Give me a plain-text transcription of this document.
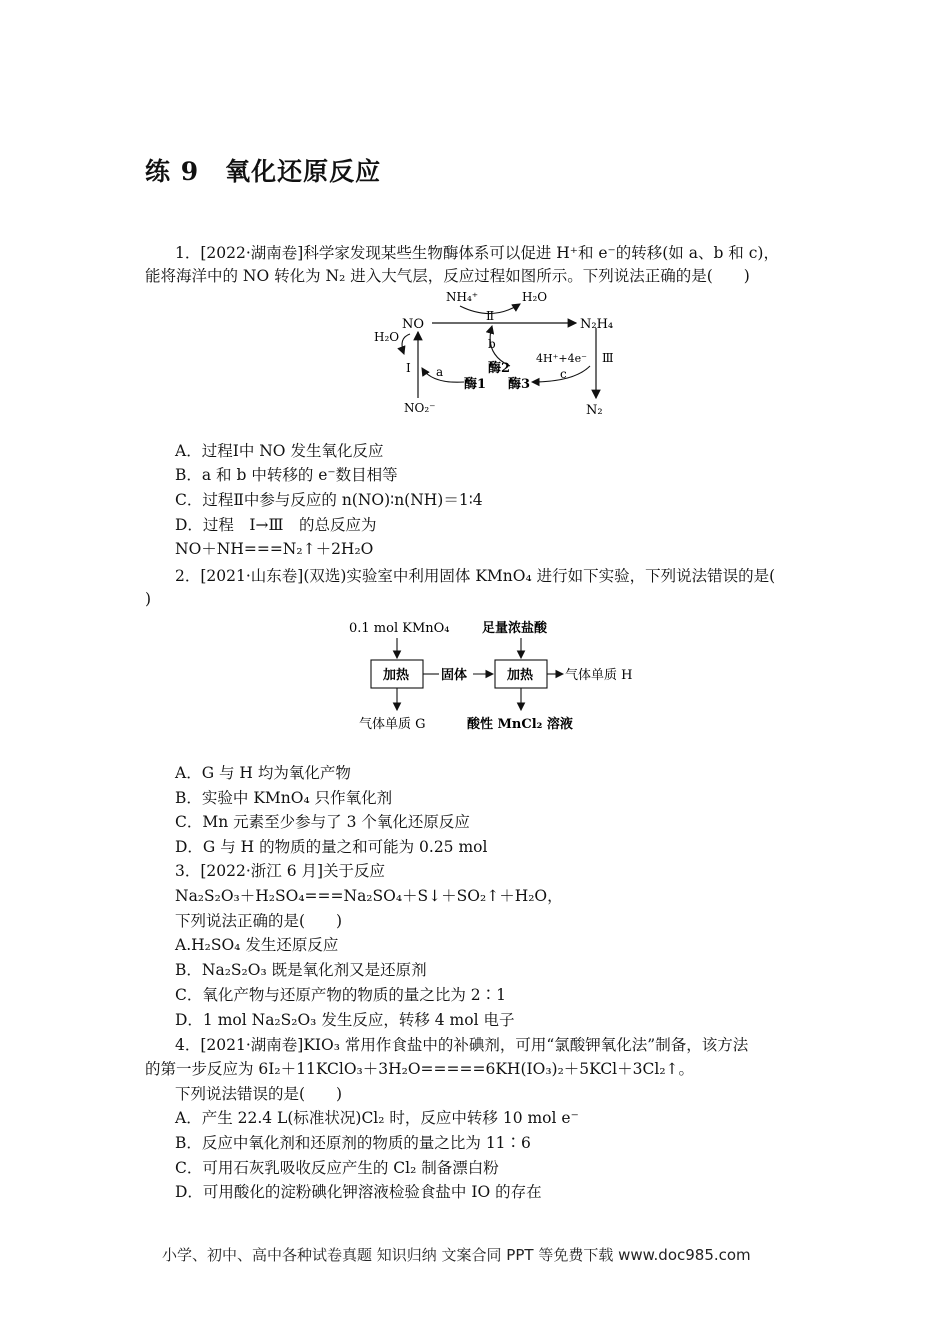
练 9　氧化还原反应
1．[2022·湖南卷]科学家发现某些生物酶体系可以促进 H⁺和 e⁻的转移(如 a、b 和 c)，
能将海洋中的 NO 转化为 N₂ 进入大气层，反应过程如图所示。下列说法正确的是(　　)
NO	N₂H₄
NH₄⁺	H₂O
Ⅱ
b
酶2
酶1 酶3
4H⁺+4e⁻
c
Ⅲ
N₂
NO₂⁻
Ⅰ
H₂O
a
A．过程Ⅰ中 NO 发生氧化反应
B．a 和 b 中转移的 e⁻数目相等
C．过程Ⅱ中参与反应的 n(NO)∶n(NH)＝1∶4
D．过程　Ⅰ→Ⅲ　的总反应为
NO＋NH===N₂↑＋2H₂O
2．[2021·山东卷](双选)实验室中利用固体 KMnO₄ 进行如下实验，下列说法错误的是(
)
0.1 mol KMnO₄ 足量浓盐酸
加热 固体	加热 气体单质 H
气体单质 G	酸性 MnCl₂ 溶液
A．G 与 H 均为氧化产物
B．实验中 KMnO₄ 只作氧化剂
C．Mn 元素至少参与了 3 个氧化还原反应
D．G 与 H 的物质的量之和可能为 0.25 mol
3．[2022·浙江 6 月]关于反应
Na₂S₂O₃＋H₂SO₄===Na₂SO₄＋S↓＋SO₂↑＋H₂O，
下列说法正确的是(　　)
A.H₂SO₄ 发生还原反应
B．Na₂S₂O₃ 既是氧化剂又是还原剂
C．氧化产物与还原产物的物质的量之比为 2∶1
D．1 mol Na₂S₂O₃ 发生反应，转移 4 mol 电子
4．[2021·湖南卷]KIO₃ 常用作食盐中的补碘剂，可用“氯酸钾氧化法”制备，该方法
的第一步反应为 6I₂＋11KClO₃＋3H₂O=====6KH(IO₃)₂＋5KCl＋3Cl₂↑。
下列说法错误的是(　　)
A．产生 22.4 L(标准状况)Cl₂ 时，反应中转移 10 mol e⁻
B．反应中氧化剂和还原剂的物质的量之比为 11∶6
C．可用石灰乳吸收反应产生的 Cl₂ 制备漂白粉
D．可用酸化的淀粉碘化钾溶液检验食盐中 IO 的存在
小学、初中、高中各种试卷真题 知识归纳 文案合同 PPT 等免费下载 www.doc985.com
